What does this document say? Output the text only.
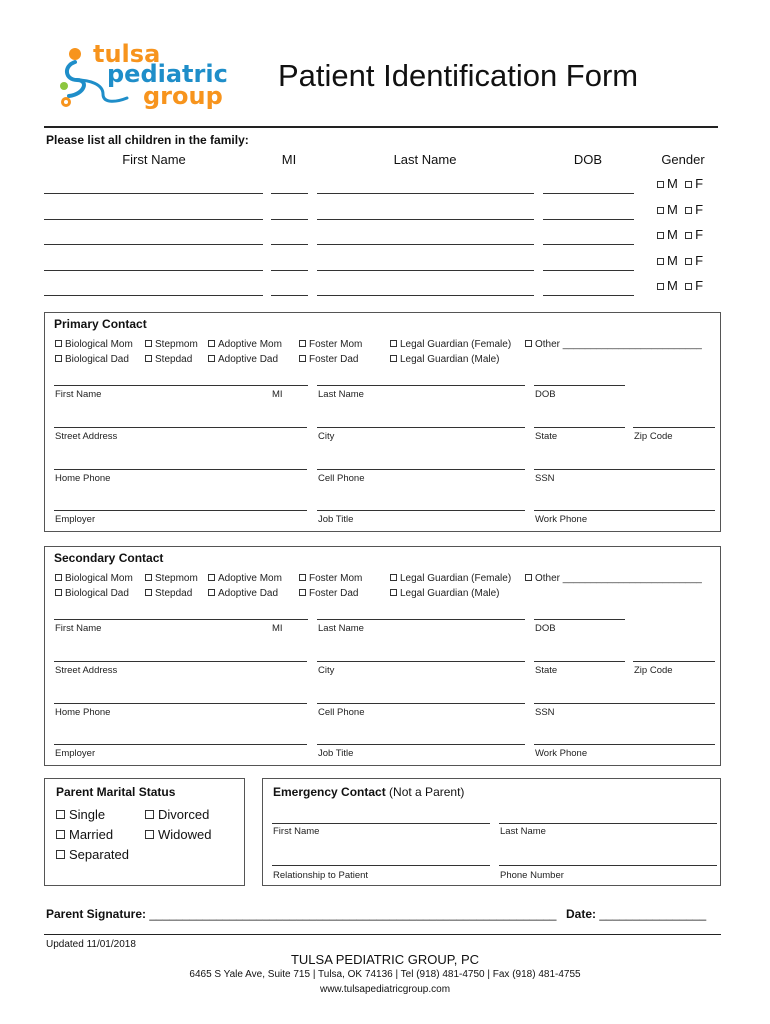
tulsa
pediatric
group
Patient Identification Form
Please list all children in the family:
First Name	MI	Last Name	DOB	Gender
M F
M F
M F
M F
M F
Primary Contact
Biological Mom
Biological Dad
Stepmom
Stepdad
Adoptive Mom
Adoptive Dad
Foster Mom
Foster Dad
Legal Guardian (Female)
Legal Guardian (Male)
Other _________________________
First Name	MI	Last Name	DOB
Street Address	City	State	Zip Code
Home Phone	Cell Phone	SSN
Employer	Job Title	Work Phone
Secondary Contact
Biological Mom
Biological Dad
Stepmom
Stepdad
Adoptive Mom
Adoptive Dad
Foster Mom
Foster Dad
Legal Guardian (Female)
Legal Guardian (Male)
Other _________________________
First Name	MI	Last Name	DOB
Street Address	City	State	Zip Code
Home Phone	Cell Phone	SSN
Employer	Job Title	Work Phone
Parent Marital Status
Single	Divorced
Married	Widowed
Separated
Emergency Contact (Not a Parent)
First Name	Last Name
Relationship to Patient	Phone Number
Parent Signature: _____________________________________________________________ Date: ________________
Updated 11/01/2018
TULSA PEDIATRIC GROUP, PC
6465 S Yale Ave, Suite 715 | Tulsa, OK 74136 | Tel (918) 481-4750 | Fax (918) 481-4755
www.tulsapediatricgroup.com
